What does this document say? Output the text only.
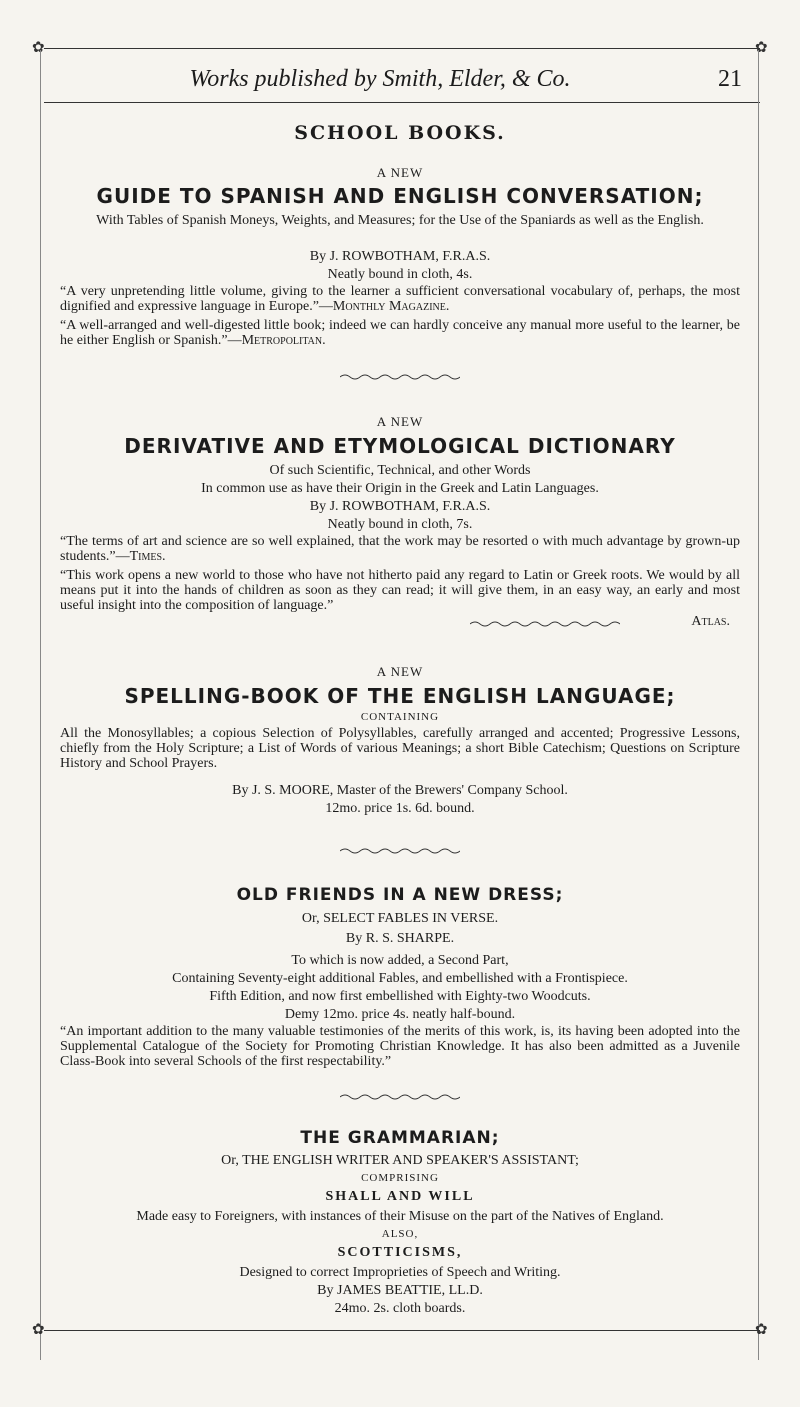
✿	✿
Works published by Smith, Elder, & Co.	21
SCHOOL BOOKS.
A NEW
GUIDE TO SPANISH AND ENGLISH CONVERSATION;
With Tables of Spanish Moneys, Weights, and Measures; for the Use of the Spaniards as well as the English.
By J. ROWBOTHAM, F.R.A.S.
Neatly bound in cloth, 4s.
“A very unpretending little volume, giving to the learner a sufficient conversational vocabulary of, perhaps, the most dignified and expressive language in Europe.”—Monthly Magazine.
“A well-arranged and well-digested little book; indeed we can hardly conceive any manual more useful to the learner, be he either English or Spanish.”—Metropolitan.
A NEW
DERIVATIVE AND ETYMOLOGICAL DICTIONARY
Of such Scientific, Technical, and other Words
In common use as have their Origin in the Greek and Latin Languages.
By J. ROWBOTHAM, F.R.A.S.
Neatly bound in cloth, 7s.
“The terms of art and science are so well explained, that the work may be resorted o with much advantage by grown-up students.”—Times.
“This work opens a new world to those who have not hitherto paid any regard to Latin or Greek roots. We would by all means put it into the hands of children as soon as they can read; it will give them, in an easy way, an early and most useful insight into the composition of language.”
Atlas.
A NEW
SPELLING-BOOK OF THE ENGLISH LANGUAGE;
CONTAINING
All the Monosyllables; a copious Selection of Polysyllables, carefully arranged and accented; Progressive Lessons, chiefly from the Holy Scripture; a List of Words of various Meanings; a short Bible Catechism; Questions on Scripture History and School Prayers.
By J. S. MOORE, Master of the Brewers' Company School.
12mo. price 1s. 6d. bound.
OLD FRIENDS IN A NEW DRESS;
Or, SELECT FABLES IN VERSE.
By R. S. SHARPE.
To which is now added, a Second Part,
Containing Seventy-eight additional Fables, and embellished with a Frontispiece.
Fifth Edition, and now first embellished with Eighty-two Woodcuts.
Demy 12mo. price 4s. neatly half-bound.
“An important addition to the many valuable testimonies of the merits of this work, is, its having been adopted into the Supplemental Catalogue of the Society for Promoting Christian Knowledge. It has also been admitted as a Juvenile Class-Book into several Schools of the first respectability.”
THE GRAMMARIAN;
Or, THE ENGLISH WRITER AND SPEAKER'S ASSISTANT;
COMPRISING
SHALL AND WILL
Made easy to Foreigners, with instances of their Misuse on the part of the Natives of England.
ALSO,
SCOTTICISMS,
Designed to correct Improprieties of Speech and Writing.
By JAMES BEATTIE, LL.D.
24mo. 2s. cloth boards.
✿	✿
